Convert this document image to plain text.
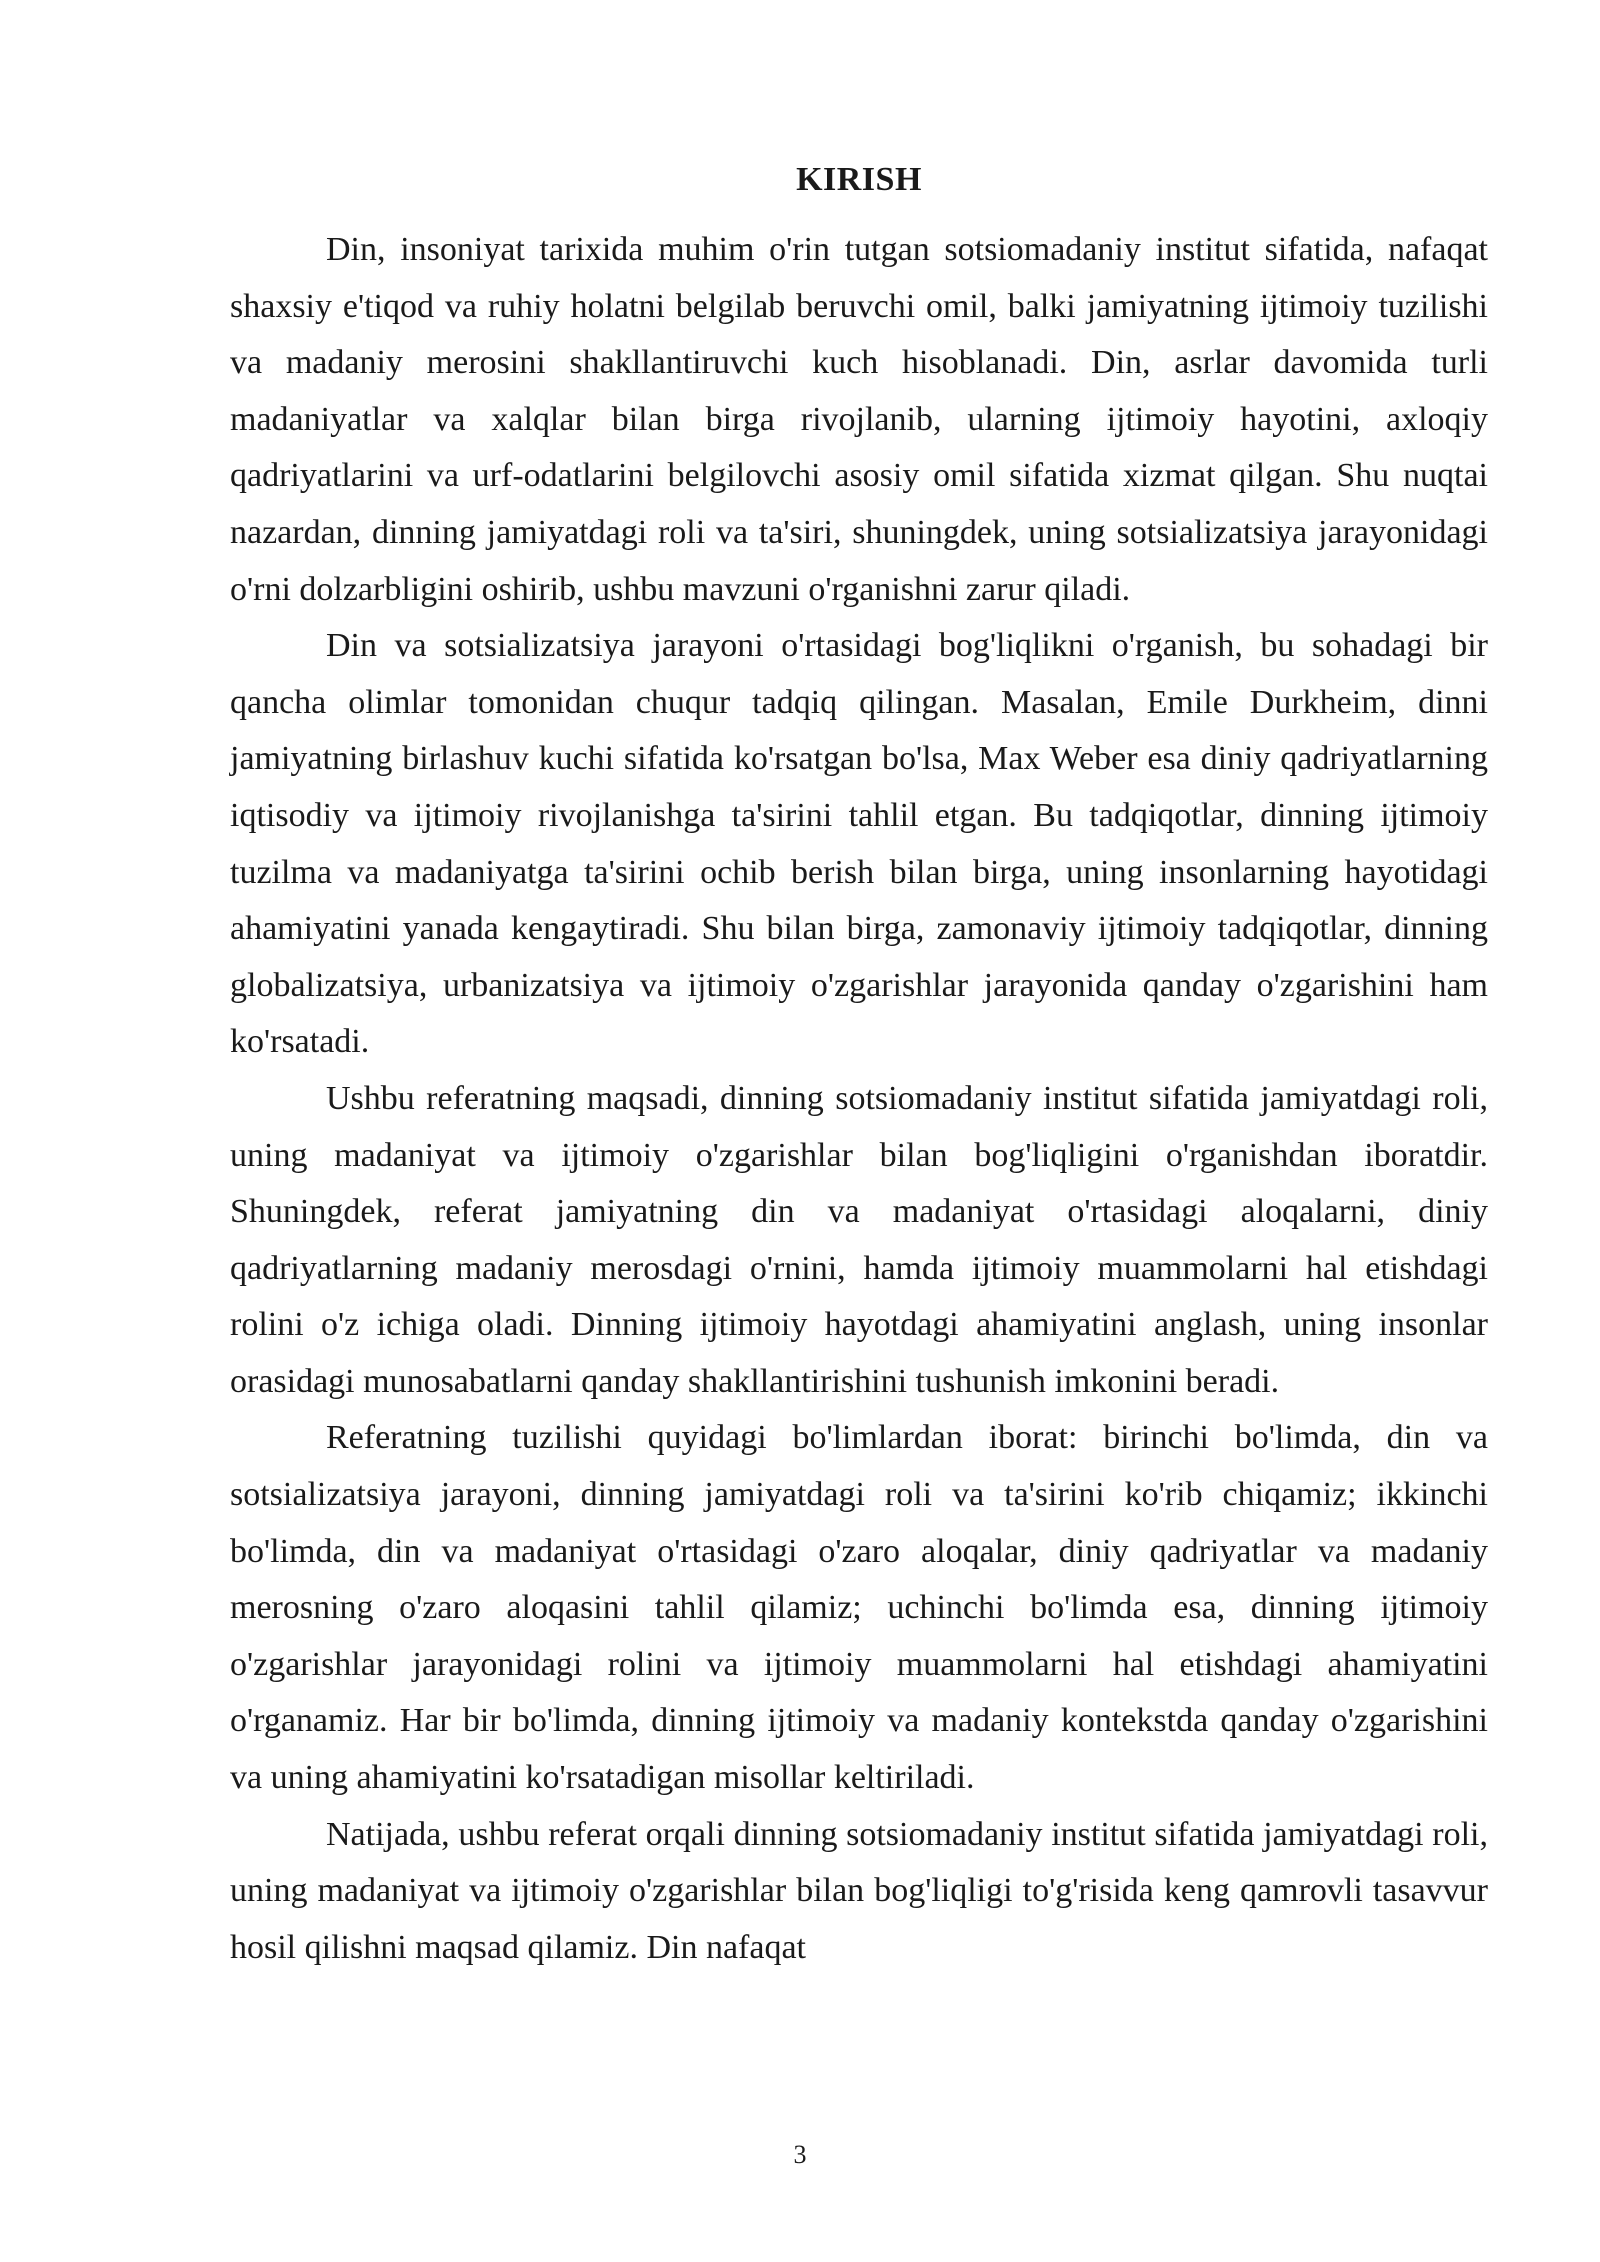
KIRISH

Din, insoniyat tarixida muhim o'rin tutgan sotsiomadaniy institut sifatida, nafaqat shaxsiy e'tiqod va ruhiy holatni belgilab beruvchi omil, balki jamiyatning ijtimoiy tuzilishi va madaniy merosini shakllantiruvchi kuch hisoblanadi. Din, asrlar davomida turli madaniyatlar va xalqlar bilan birga rivojlanib, ularning ijtimoiy hayotini, axloqiy qadriyatlarini va urf-odatlarini belgilovchi asosiy omil sifatida xizmat qilgan. Shu nuqtai nazardan, dinning jamiyatdagi roli va ta'siri, shuningdek, uning sotsializatsiya jarayonidagi o'rni dolzarbligini oshirib, ushbu mavzuni o'rganishni zarur qiladi.

Din va sotsializatsiya jarayoni o'rtasidagi bog'liqlikni o'rganish, bu sohadagi bir qancha olimlar tomonidan chuqur tadqiq qilingan. Masalan, Emile Durkheim, dinni jamiyatning birlashuv kuchi sifatida ko'rsatgan bo'lsa, Max Weber esa diniy qadriyatlarning iqtisodiy va ijtimoiy rivojlanishga ta'sirini tahlil etgan. Bu tadqiqotlar, dinning ijtimoiy tuzilma va madaniyatga ta'sirini ochib berish bilan birga, uning insonlarning hayotidagi ahamiyatini yanada kengaytiradi. Shu bilan birga, zamonaviy ijtimoiy tadqiqotlar, dinning globalizatsiya, urbanizatsiya va ijtimoiy o'zgarishlar jarayonida qanday o'zgarishini ham ko'rsatadi.

Ushbu referatning maqsadi, dinning sotsiomadaniy institut sifatida jamiyatdagi roli, uning madaniyat va ijtimoiy o'zgarishlar bilan bog'liqligini o'rganishdan iboratdir. Shuningdek, referat jamiyatning din va madaniyat o'rtasidagi aloqalarni, diniy qadriyatlarning madaniy merosdagi o'rnini, hamda ijtimoiy muammolarni hal etishdagi rolini o'z ichiga oladi. Dinning ijtimoiy hayotdagi ahamiyatini anglash, uning insonlar orasidagi munosabatlarni qanday shakllantirishini tushunish imkonini beradi.

Referatning tuzilishi quyidagi bo'limlardan iborat: birinchi bo'limda, din va sotsializatsiya jarayoni, dinning jamiyatdagi roli va ta'sirini ko'rib chiqamiz; ikkinchi bo'limda, din va madaniyat o'rtasidagi o'zaro aloqalar, diniy qadriyatlar va madaniy merosning o'zaro aloqasini tahlil qilamiz; uchinchi bo'limda esa, dinning ijtimoiy o'zgarishlar jarayonidagi rolini va ijtimoiy muammolarni hal etishdagi ahamiyatini o'rganamiz. Har bir bo'limda, dinning ijtimoiy va madaniy kontekstda qanday o'zgarishini va uning ahamiyatini ko'rsatadigan misollar keltiriladi.

Natijada, ushbu referat orqali dinning sotsiomadaniy institut sifatida jamiyatdagi roli, uning madaniyat va ijtimoiy o'zgarishlar bilan bog'liqligi to'g'risida keng qamrovli tasavvur hosil qilishni maqsad qilamiz. Din nafaqat

3
